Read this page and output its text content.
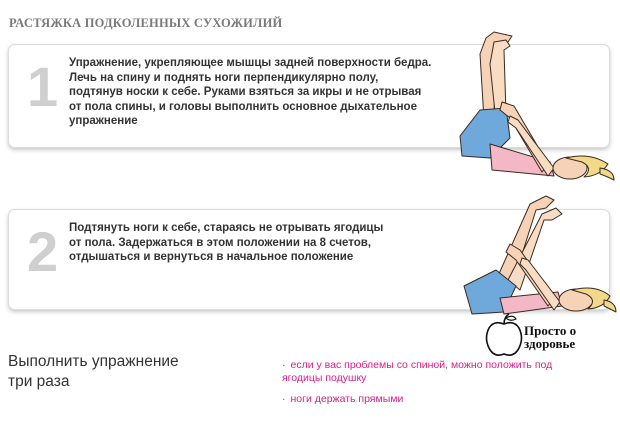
РАСТЯЖКА ПОДКОЛЕННЫХ СУХОЖИЛИЙ
1 Упражнение, укрепляющее мышцы задней поверхности бедра.
Лечь на спину и поднять ноги перпендикулярно полу,
подтянув носки к себе. Руками взяться за икры и не отрывая
от пола спины, и головы выполнить основное дыхательное
упражнение
2 Подтянуть ноги к себе, стараясь не отрывать ягодицы
от пола. Задержаться в этом положении на 8 счетов,
отдышаться и вернуться в начальное положение
Выполнить упражнение
три раза
· если у вас проблемы со спиной, можно положить под
ягодицы подушку
· ноги держать прямыми
Просто о
здоровье
